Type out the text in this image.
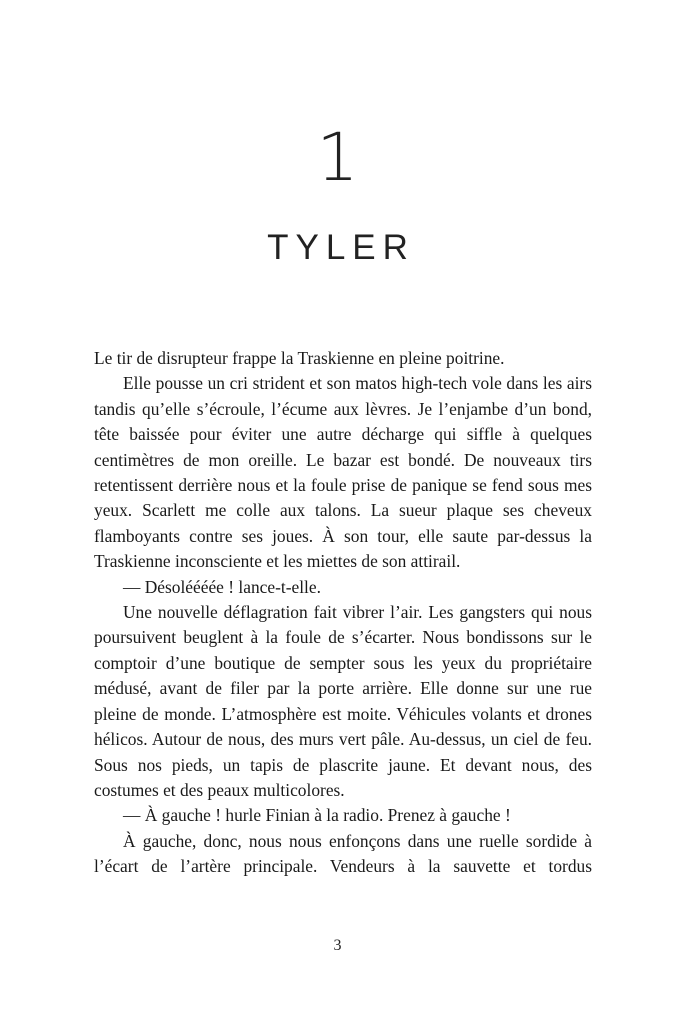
1
TYLER

Le tir de disrupteur frappe la Traskienne en pleine poitrine.

Elle pousse un cri strident et son matos high-tech vole dans les airs tandis qu’elle s’écroule, l’écume aux lèvres. Je l’enjambe d’un bond, tête baissée pour éviter une autre décharge qui siffle à quelques centimètres de mon oreille. Le bazar est bondé. De nouveaux tirs retentissent derrière nous et la foule prise de panique se fend sous mes yeux. Scarlett me colle aux talons. La sueur plaque ses cheveux flamboyants contre ses joues. À son tour, elle saute par-dessus la Traskienne inconsciente et les miettes de son attirail.

— Désoléééée ! lance-t-elle.

Une nouvelle déflagration fait vibrer l’air. Les gangsters qui nous poursuivent beuglent à la foule de s’écarter. Nous bondissons sur le comptoir d’une boutique de sempter sous les yeux du propriétaire médusé, avant de filer par la porte arrière. Elle donne sur une rue pleine de monde. L’atmosphère est moite. Véhicules volants et drones hélicos. Autour de nous, des murs vert pâle. Au-dessus, un ciel de feu. Sous nos pieds, un tapis de plascrite jaune. Et devant nous, des costumes et des peaux multicolores.

— À gauche ! hurle Finian à la radio. Prenez à gauche !

À gauche, donc, nous nous enfonçons dans une ruelle sordide à l’écart de l’artère principale. Vendeurs à la sauvette et tordus

3
